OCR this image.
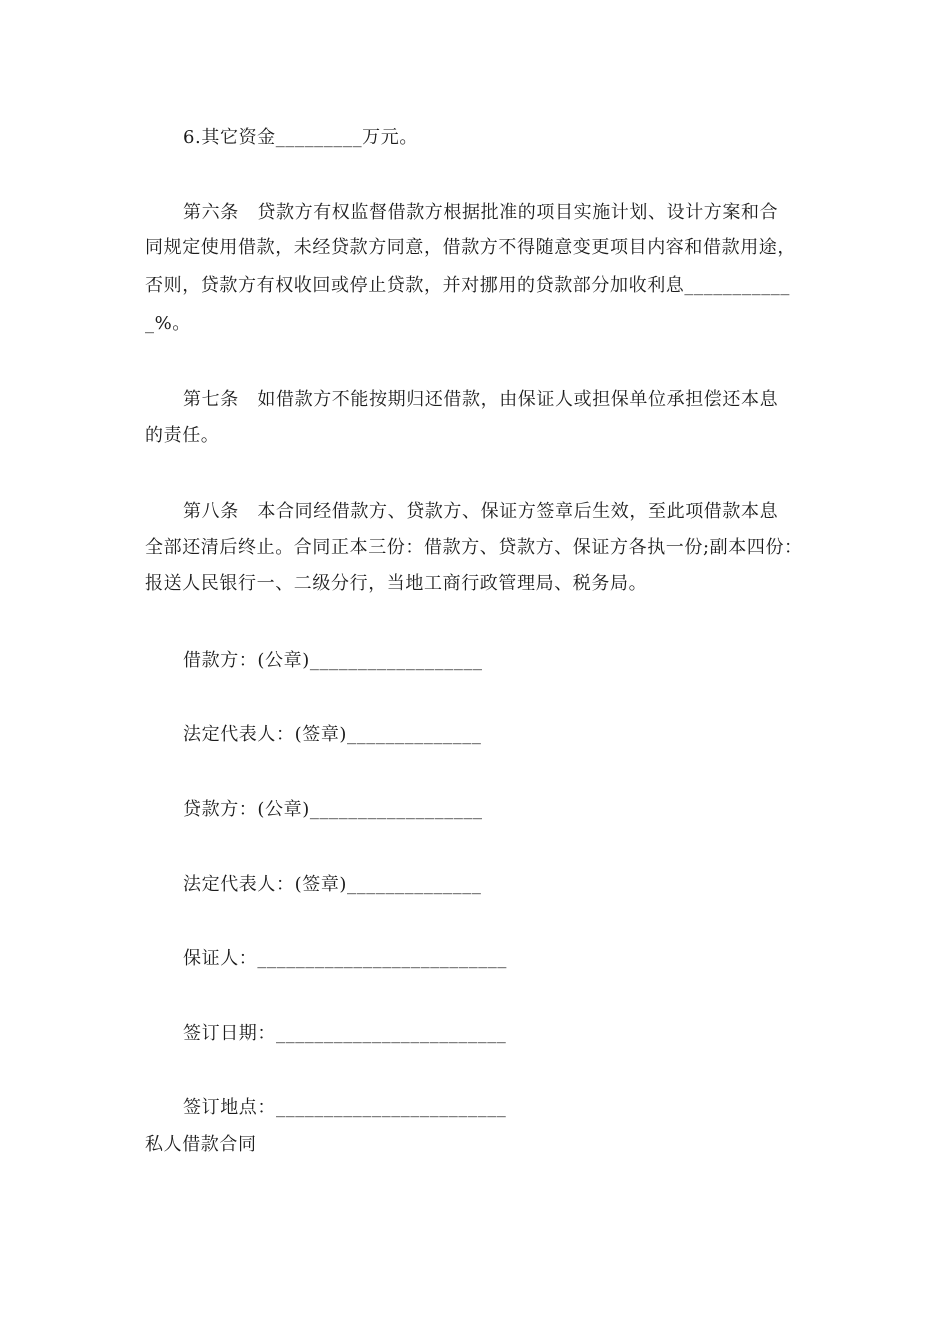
6.其它资金_________万元。
第六条　贷款方有权监督借款方根据批准的项目实施计划、设计方案和合
同规定使用借款，未经贷款方同意，借款方不得随意变更项目内容和借款用途，
否则，贷款方有权收回或停止贷款，并对挪用的贷款部分加收利息___________
_%。
第七条　如借款方不能按期归还借款，由保证人或担保单位承担偿还本息
的责任。
第八条　本合同经借款方、贷款方、保证方签章后生效，至此项借款本息
全部还清后终止。合同正本三份：借款方、贷款方、保证方各执一份;副本四份：
报送人民银行一、二级分行，当地工商行政管理局、税务局。
借款方：(公章)__________________
法定代表人：(签章)______________
贷款方：(公章)__________________
法定代表人：(签章)______________
保证人：__________________________
签订日期：________________________
签订地点：________________________
私人借款合同
